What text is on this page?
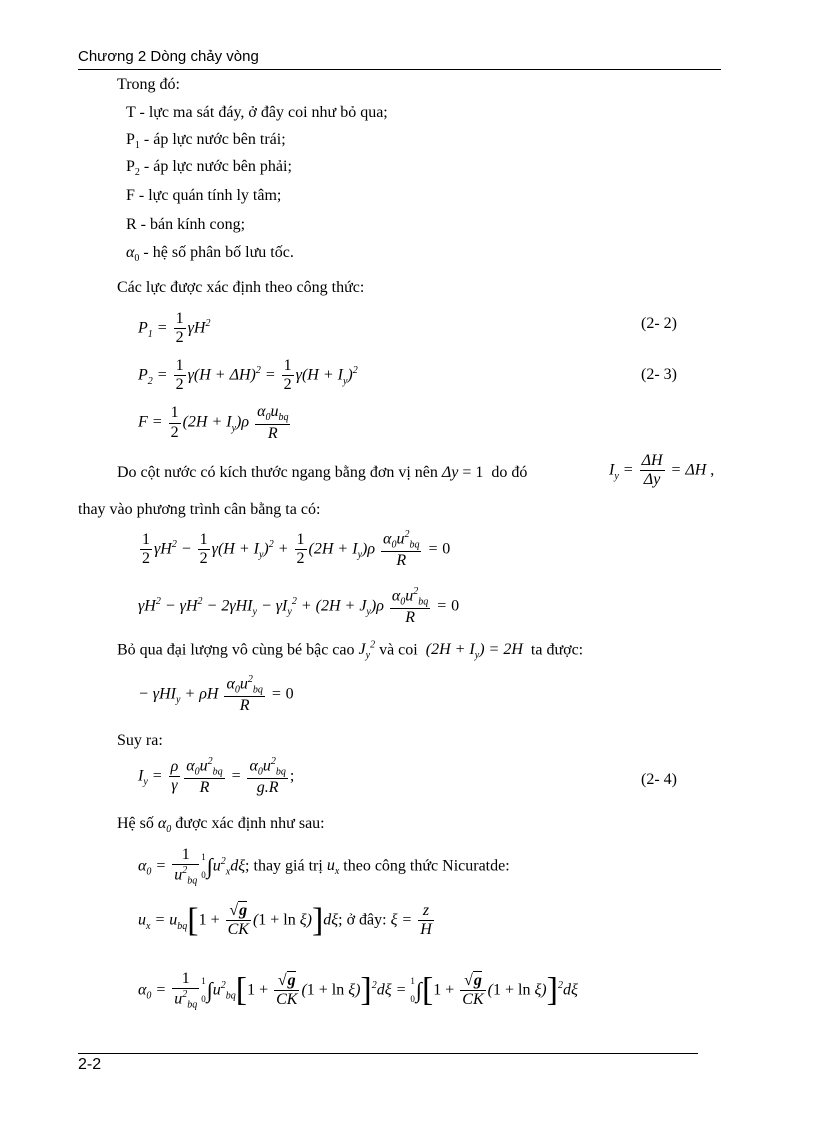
Chương 2 Dòng chảy vòng
Trong đó:
T - lực ma sát đáy, ở đây coi như bỏ qua;
$P_1$ - áp lực nước bên trái;
$P_2$ - áp lực nước bên phải;
F - lực quán tính ly tâm;
R - bán kính cong;
$\alpha_0$ - hệ số phân bố lưu tốc.
Các lực được xác định theo công thức:
$P_1 = \frac{1}{2} \gamma H^2$	(2- 2)
$P_2 = \frac{1}{2} \gamma(H + \Delta H)^2 = \frac{1}{2} \gamma(H + I_y)^2$	(2- 3)
$F = \frac{1}{2} (2H + I_y)\rho \frac{\alpha_0u_{bq}}{R}$
Do cột nước có kích thước ngang bằng đơn vị nên Δy = 1  do đó	$I_y = \frac{\Delta H}{\Delta y} = \Delta H$ ,
thay vào phương trình cân bằng ta có:
$\frac{1}{2} \gamma H^2 - \frac{1}{2} \gamma(H + I_y)^2 + \frac{1}{2} (2H + I_y)\rho \frac{\alpha_0u^2_{bq}}{R} = 0$
$\gamma H^2 - \gamma H^2 - 2\gamma HI_y - \gamma I_y^2 + (2H + J_y)\rho \frac{\alpha_0u^2_{bq}}{R} = 0$
Bỏ qua đại lượng vô cùng bé bậc cao $J_y^2$ và coi $(2H + I_y) = 2H$ ta được:
− γHI$_y$ + ρH $\frac{\alpha_0u^2_{bq}}{R} = 0$
Suy ra:
$I_y = \frac{\rho}{\gamma} \frac{\alpha_0u^2_{bq}}{R} = \frac{\alpha_0u^2_{bq}}{g.R}$ ;	(2- 4)
Hệ số $\alpha_0$ được xác định như sau:
$\alpha_0 = \frac{1}{u^2_{bq}} 1$

$0\int u^2_xd\xi$; thay giá trị $u_x$ theo công thức Nicuratde:
$u_x = u_{bq}[1 + \frac{√g}{CK} (1 + \ln \xi)]d\xi$; ở đây: $\xi = \frac{z}{H}$
$\alpha_0 = \frac{1}{u^2_{bq}} 1$

$0\int u^2_{bq}[1 + \frac{√g}{CK} (1 + \ln \xi)]^2d\xi = 1$

$0\int[1 + \frac{√g}{CK} (1 + \ln \xi)]^2d\xi$
2-2
